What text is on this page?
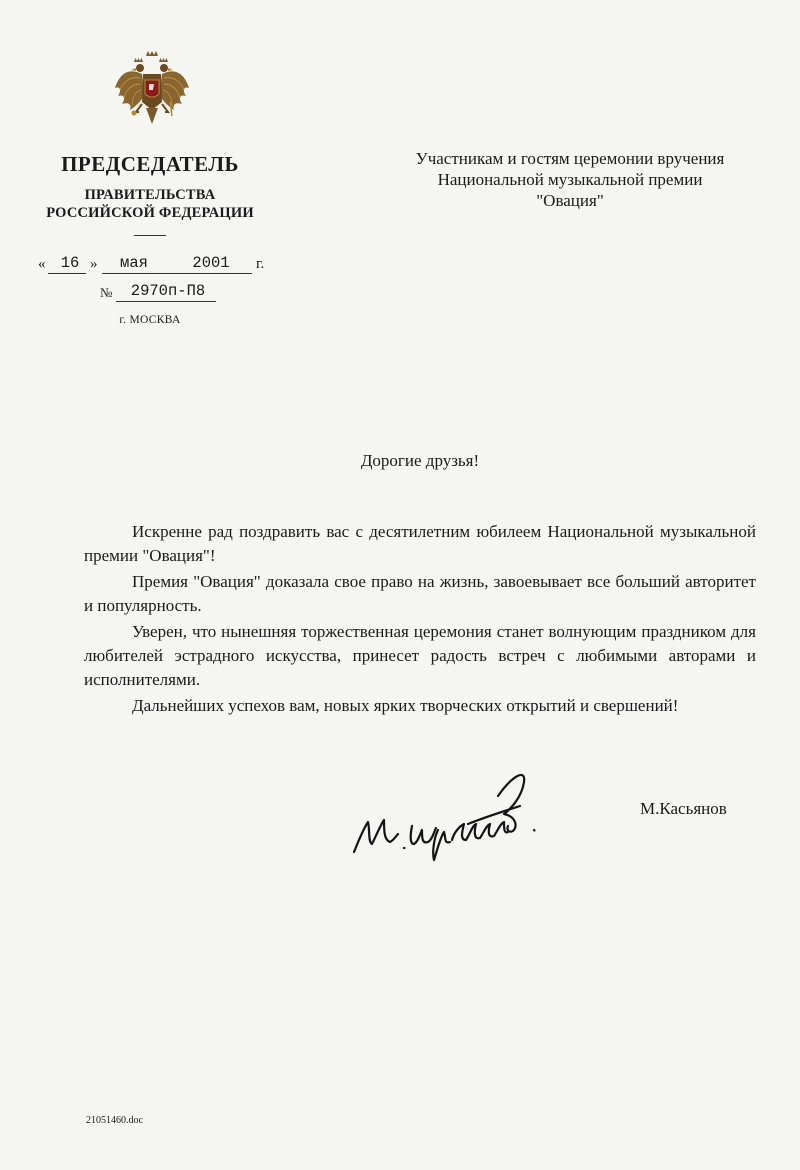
ПРЕДСЕДАТЕЛЬ
ПРАВИТЕЛЬСТВА
РОССИЙСКОЙ ФЕДЕРАЦИИ
« 16 »	мая	2001	г.
№	2970п-П8
г. МОСКВА
Участникам и гостям церемонии вручения
Национальной музыкальной премии
"Овация"
Дорогие друзья!

Искренне рад поздравить вас с десятилетним юбилеем Национальной музыкальной премии "Овация"!

Премия "Овация" доказала свое право на жизнь, завоевывает все больший авторитет и популярность.

Уверен, что нынешняя торжественная церемония станет волнующим праздником для любителей эстрадного искусства, принесет радость встреч с любимыми авторами и исполнителями.

Дальнейших успехов вам, новых ярких творческих открытий и свершений!

М.Касьянов
21051460.doc
